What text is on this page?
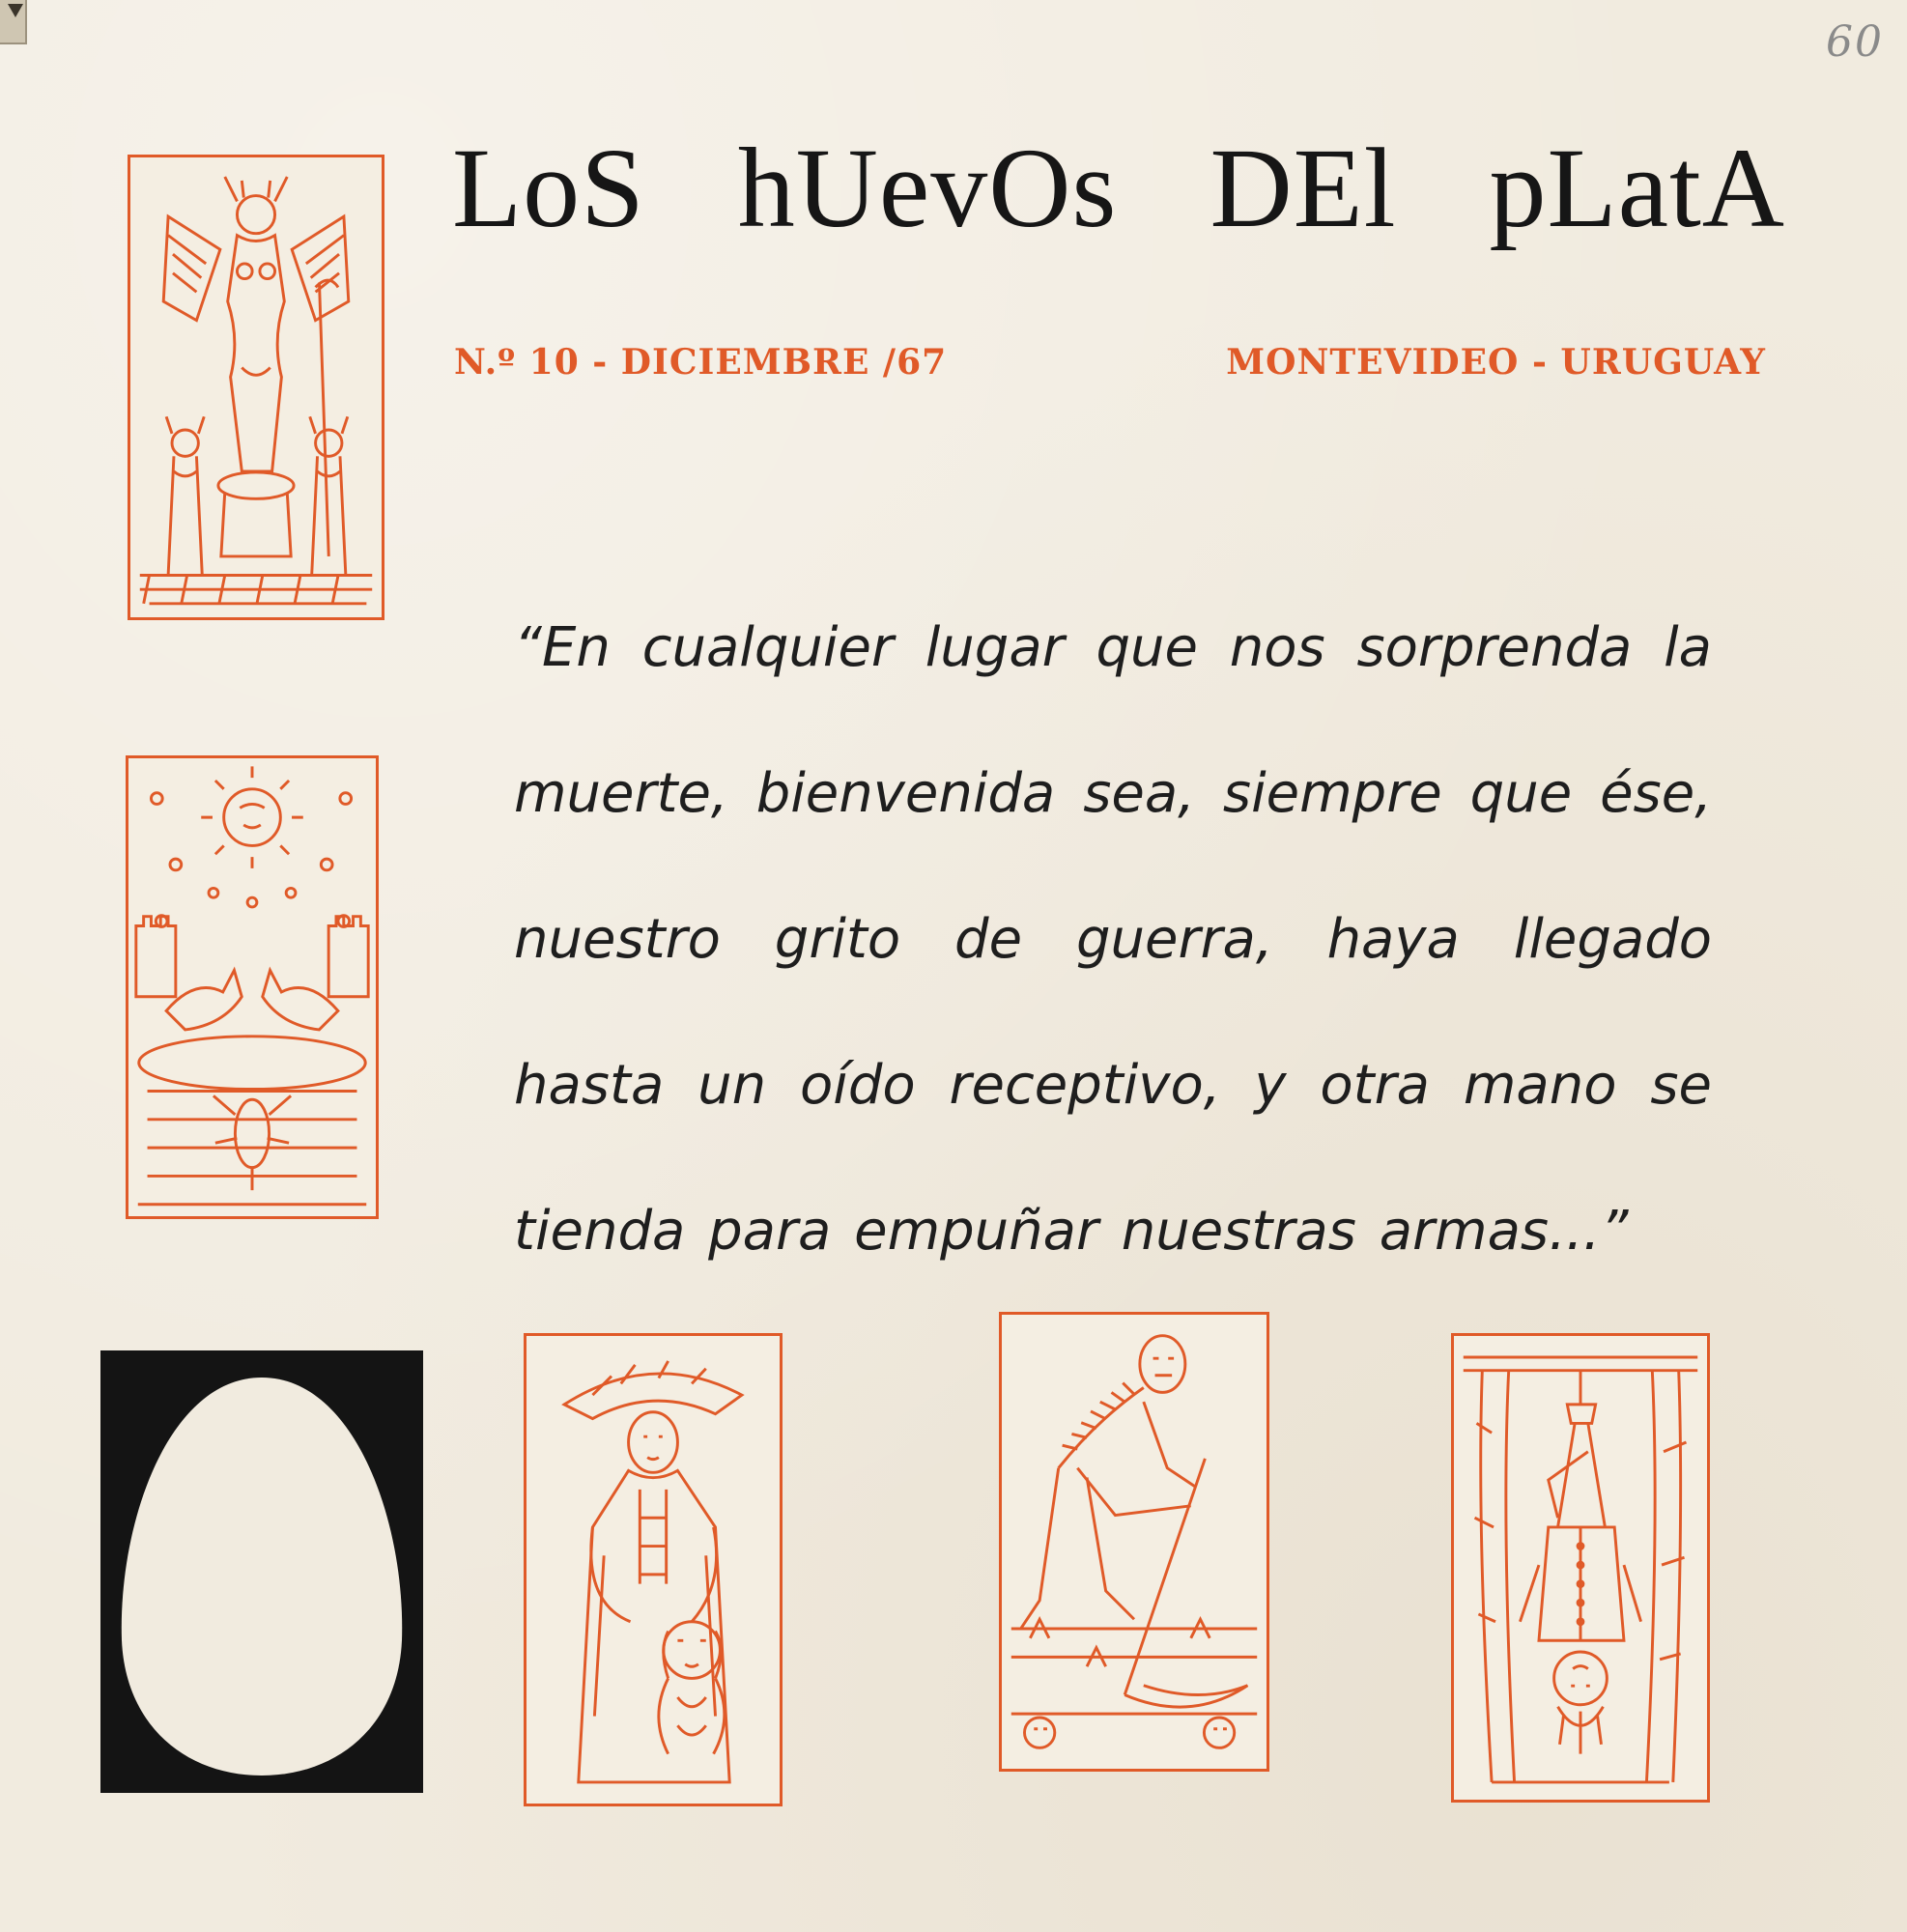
60
LoS hUevOs DEl pLatA
N.º 10 - DICIEMBRE /67	MONTEVIDEO - URUGUAY
“En cualquier lugar que nos sorprenda la muerte, bienvenida sea, siempre que ése, nuestro grito de guerra, haya llegado hasta un oído receptivo, y otra mano se tienda para empuñar nuestras armas...”
